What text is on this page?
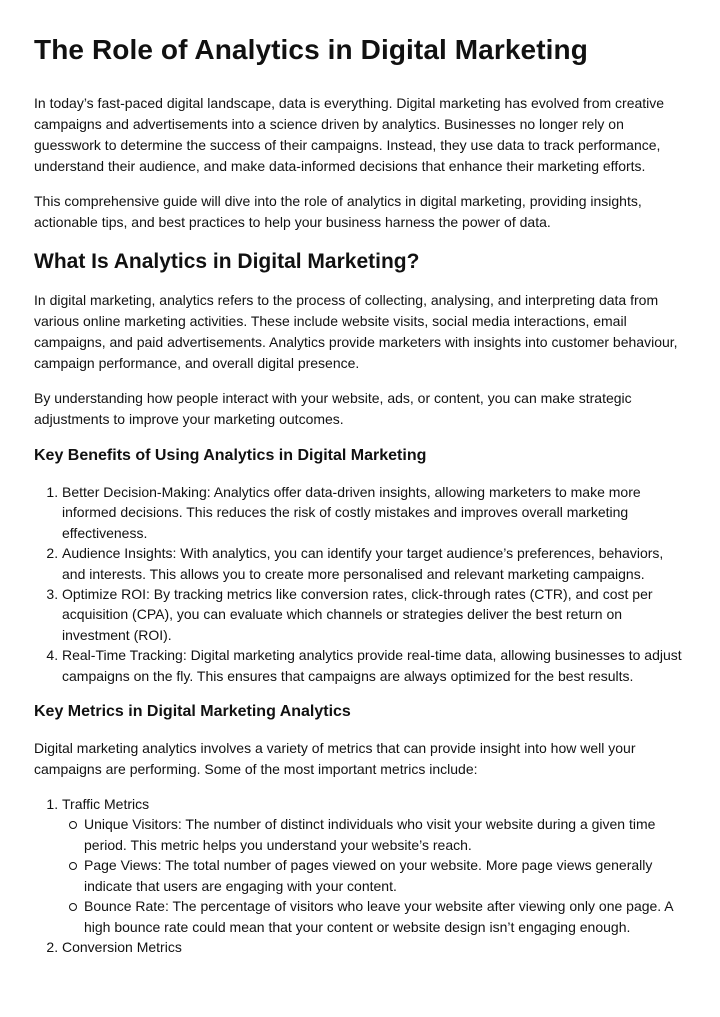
The Role of Analytics in Digital Marketing

In today’s fast-paced digital landscape, data is everything. Digital marketing has evolved from creative campaigns and advertisements into a science driven by analytics. Businesses no longer rely on guesswork to determine the success of their campaigns. Instead, they use data to track performance, understand their audience, and make data-informed decisions that enhance their marketing efforts.

This comprehensive guide will dive into the role of analytics in digital marketing, providing insights, actionable tips, and best practices to help your business harness the power of data.

What Is Analytics in Digital Marketing?

In digital marketing, analytics refers to the process of collecting, analysing, and interpreting data from various online marketing activities. These include website visits, social media interactions, email campaigns, and paid advertisements. Analytics provide marketers with insights into customer behaviour, campaign performance, and overall digital presence.

By understanding how people interact with your website, ads, or content, you can make strategic adjustments to improve your marketing outcomes.

Key Benefits of Using Analytics in Digital Marketing
1. Better Decision-Making: Analytics offer data-driven insights, allowing marketers to make more informed decisions. This reduces the risk of costly mistakes and improves overall marketing effectiveness.
2. Audience Insights: With analytics, you can identify your target audience’s preferences, behaviors, and interests. This allows you to create more personalised and relevant marketing campaigns.
3. Optimize ROI: By tracking metrics like conversion rates, click-through rates (CTR), and cost per acquisition (CPA), you can evaluate which channels or strategies deliver the best return on investment (ROI).
4. Real-Time Tracking: Digital marketing analytics provide real-time data, allowing businesses to adjust campaigns on the fly. This ensures that campaigns are always optimized for the best results.
Key Metrics in Digital Marketing Analytics

Digital marketing analytics involves a variety of metrics that can provide insight into how well your campaigns are performing. Some of the most important metrics include:

1. Traffic Metrics
Unique Visitors: The number of distinct individuals who visit your website during a given time period. This metric helps you understand your website’s reach.
Page Views: The total number of pages viewed on your website. More page views generally indicate that users are engaging with your content.
Bounce Rate: The percentage of visitors who leave your website after viewing only one page. A high bounce rate could mean that your content or website design isn’t engaging enough.
2. Conversion Metrics
